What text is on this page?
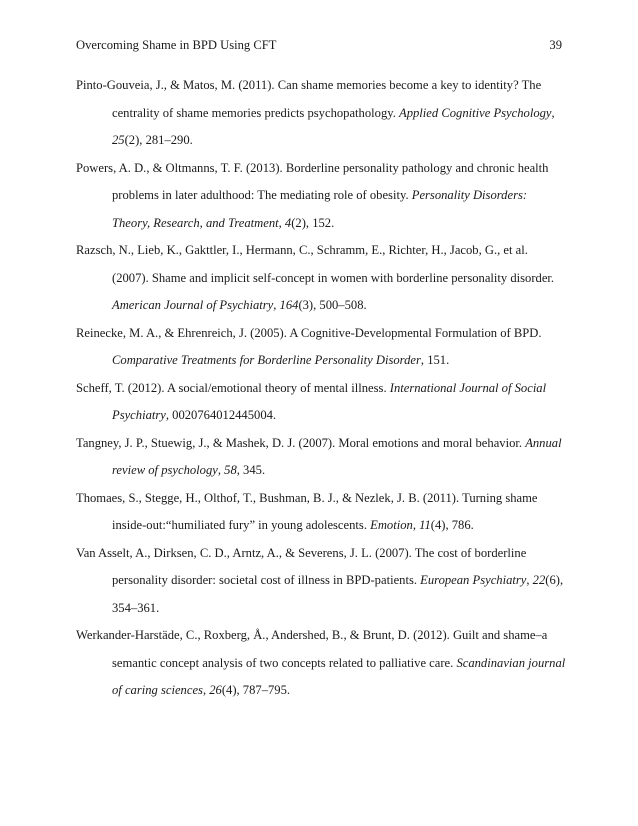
Overcoming Shame in BPD Using CFT	39

Pinto-Gouveia, J., & Matos, M. (2011). Can shame memories become a key to identity? The
centrality of shame memories predicts psychopathology. Applied Cognitive Psychology,
25(2), 281–290.

Powers, A. D., & Oltmanns, T. F. (2013). Borderline personality pathology and chronic health
problems in later adulthood: The mediating role of obesity. Personality Disorders:
Theory, Research, and Treatment, 4(2), 152.

Razsch, N., Lieb, K., Gakttler, I., Hermann, C., Schramm, E., Richter, H., Jacob, G., et al.
(2007). Shame and implicit self-concept in women with borderline personality disorder.
American Journal of Psychiatry, 164(3), 500–508.

Reinecke, M. A., & Ehrenreich, J. (2005). A Cognitive-Developmental Formulation of BPD.
Comparative Treatments for Borderline Personality Disorder, 151.

Scheff, T. (2012). A social/emotional theory of mental illness. International Journal of Social
Psychiatry, 0020764012445004.

Tangney, J. P., Stuewig, J., & Mashek, D. J. (2007). Moral emotions and moral behavior. Annual
review of psychology, 58, 345.

Thomaes, S., Stegge, H., Olthof, T., Bushman, B. J., & Nezlek, J. B. (2011). Turning shame
inside-out:“humiliated fury” in young adolescents. Emotion, 11(4), 786.

Van Asselt, A., Dirksen, C. D., Arntz, A., & Severens, J. L. (2007). The cost of borderline
personality disorder: societal cost of illness in BPD-patients. European Psychiatry, 22(6),
354–361.

Werkander-Harstäde, C., Roxberg, Å., Andershed, B., & Brunt, D. (2012). Guilt and shame–a
semantic concept analysis of two concepts related to palliative care. Scandinavian journal
of caring sciences, 26(4), 787–795.
